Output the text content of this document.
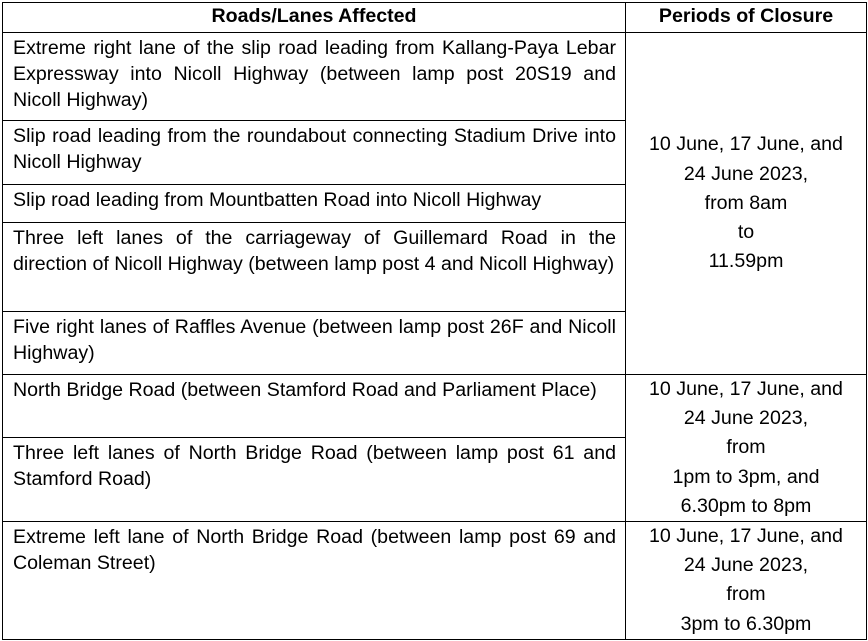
Roads/Lanes Affected	Periods of Closure
Extreme right lane of the slip road leading from Kallang-Paya Lebar Expressway into Nicoll Highway (between lamp post 20S19 and Nicoll Highway)	10 June, 17 June, and
24 June 2023,
from 8am
to
11.59pm

Slip road leading from the roundabout connecting Stadium Drive into Nicoll Highway	
Slip road leading from Mountbatten Road into Nicoll Highway	
Three left lanes of the carriageway of Guillemard Road in the direction of Nicoll Highway (between lamp post 4 and Nicoll Highway)	
Five right lanes of Raffles Avenue (between lamp post 26F and Nicoll Highway)	
North Bridge Road (between Stamford Road and Parliament Place)	10 June, 17 June, and
24 June 2023,
from
1pm to 3pm, and
6.30pm to 8pm

Three left lanes of North Bridge Road (between lamp post 61 and Stamford Road)	
Extreme left lane of North Bridge Road (between lamp post 69 and Coleman Street)	10 June, 17 June, and
24 June 2023,
from
3pm to 6.30pm
